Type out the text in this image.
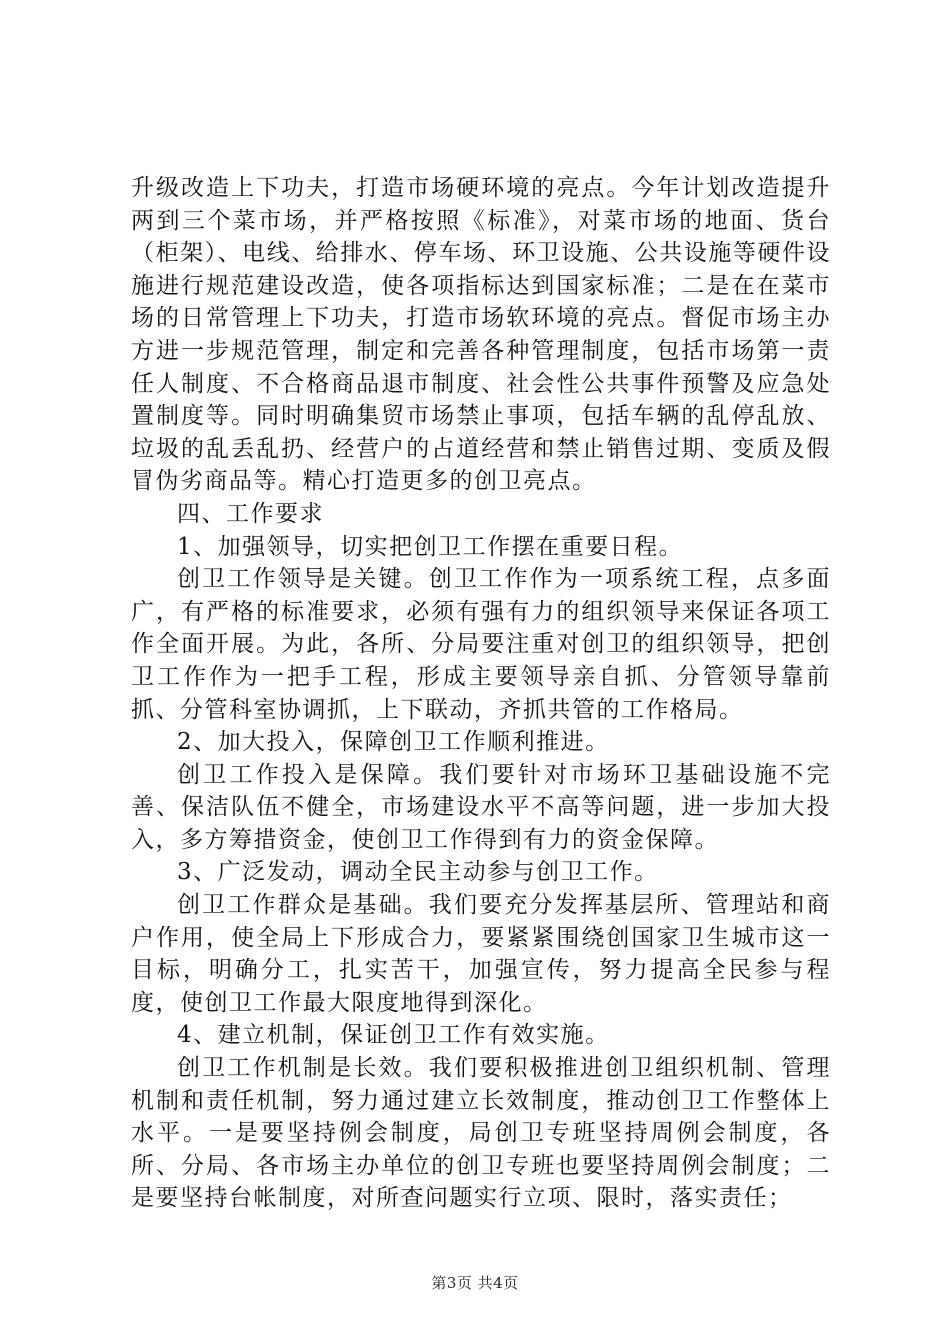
升级改造上下功夫，打造市场硬环境的亮点。今年计划改造提升两到三个菜市场，并严格按照《标准》，对菜市场的地面、货台（柜架）、电线、给排水、停车场、环卫设施、公共设施等硬件设施进行规范建设改造，使各项指标达到国家标准；二是在在菜市场的日常管理上下功夫，打造市场软环境的亮点。督促市场主办方进一步规范管理，制定和完善各种管理制度，包括市场第一责任人制度、不合格商品退市制度、社会性公共事件预警及应急处置制度等。同时明确集贸市场禁止事项，包括车辆的乱停乱放、垃圾的乱丢乱扔、经营户的占道经营和禁止销售过期、变质及假冒伪劣商品等。精心打造更多的创卫亮点。

四、工作要求

1、加强领导，切实把创卫工作摆在重要日程。

创卫工作领导是关键。创卫工作作为一项系统工程，点多面广，有严格的标准要求，必须有强有力的组织领导来保证各项工作全面开展。为此，各所、分局要注重对创卫的组织领导，把创卫工作作为一把手工程，形成主要领导亲自抓、分管领导靠前抓、分管科室协调抓，上下联动，齐抓共管的工作格局。

2、加大投入，保障创卫工作顺利推进。

创卫工作投入是保障。我们要针对市场环卫基础设施不完善、保洁队伍不健全，市场建设水平不高等问题，进一步加大投入，多方筹措资金，使创卫工作得到有力的资金保障。

3、广泛发动，调动全民主动参与创卫工作。

创卫工作群众是基础。我们要充分发挥基层所、管理站和商户作用，使全局上下形成合力，要紧紧围绕创国家卫生城市这一目标，明确分工，扎实苦干，加强宣传，努力提高全民参与程度，使创卫工作最大限度地得到深化。

4、建立机制，保证创卫工作有效实施。

创卫工作机制是长效。我们要积极推进创卫组织机制、管理机制和责任机制，努力通过建立长效制度，推动创卫工作整体上水平。一是要坚持例会制度，局创卫专班坚持周例会制度，各所、分局、各市场主办单位的创卫专班也要坚持周例会制度；二是要坚持台帐制度，对所查问题实行立项、限时，落实责任；

第3页 共4页
